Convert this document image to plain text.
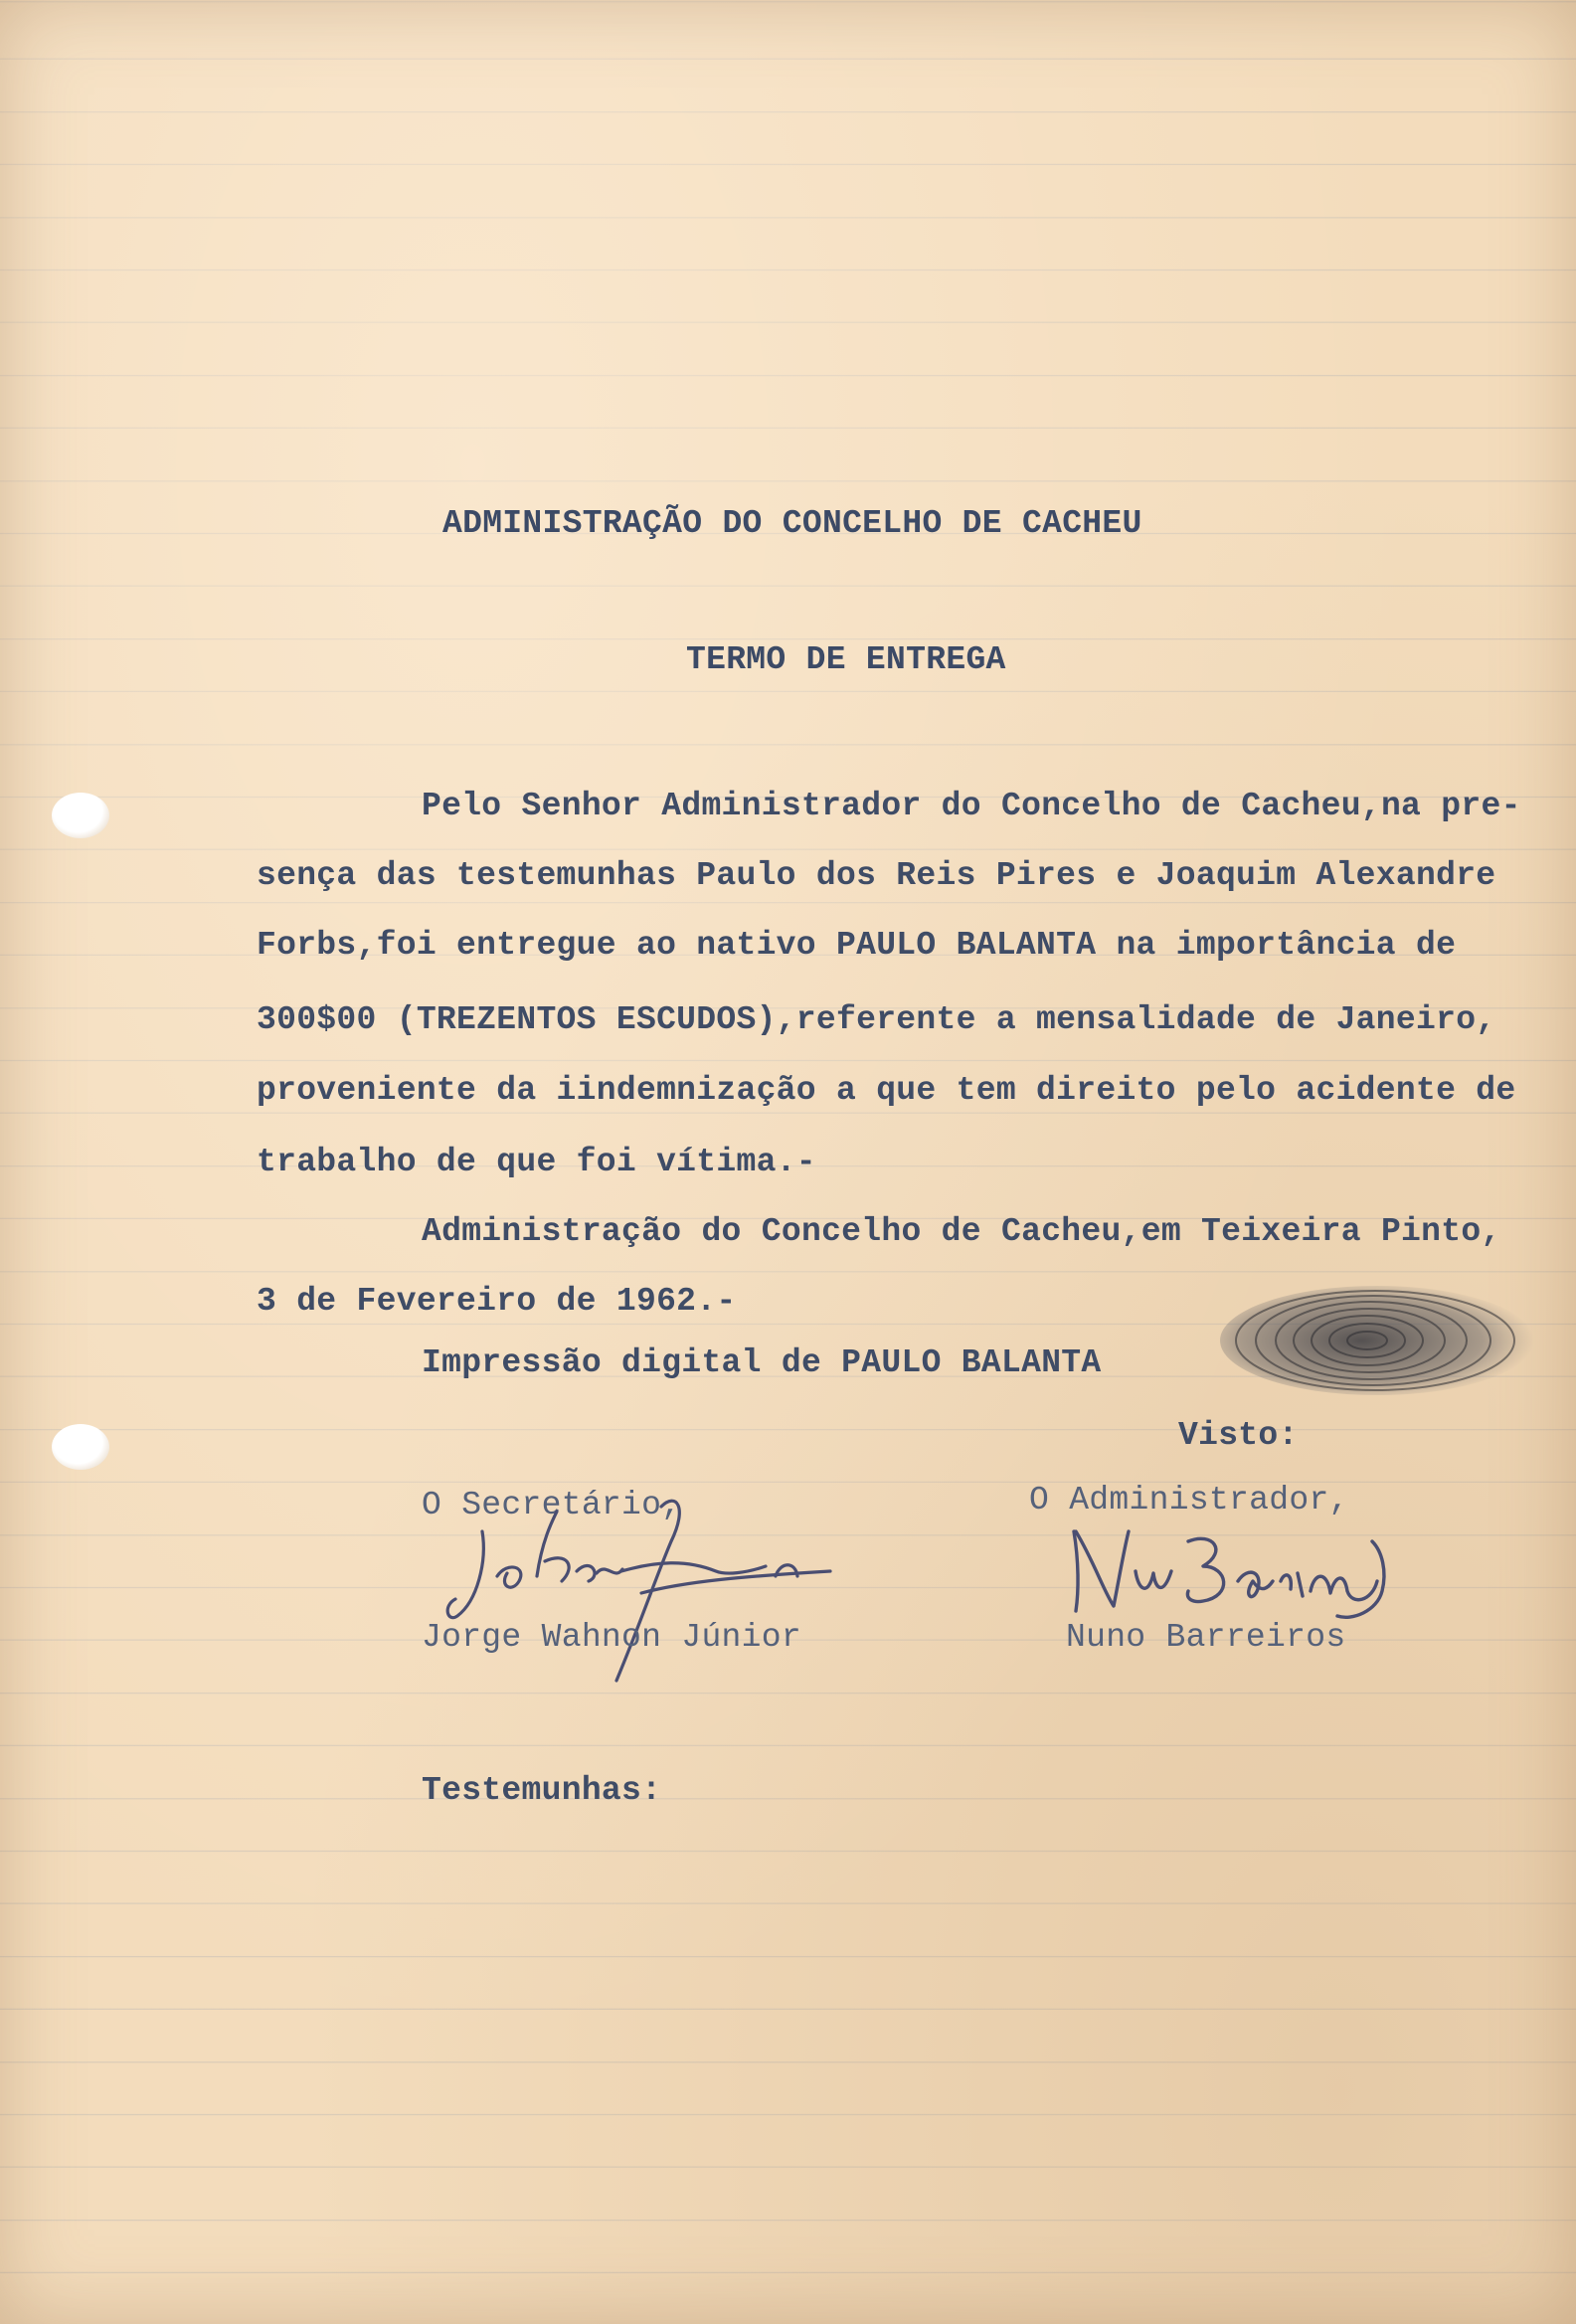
ADMINISTRAÇÃO DO CONCELHO DE CACHEU

TERMO DE ENTREGA

Pelo Senhor Administrador do Concelho de Cacheu,na pre-

sença das testemunhas Paulo dos Reis Pires e Joaquim Alexandre

Forbs,foi entregue ao nativo PAULO BALANTA na importância de

300$00 (TREZENTOS ESCUDOS),referente a mensalidade de Janeiro,

proveniente da iindemnização a que tem direito pelo acidente de

trabalho de que foi vítima.-

Administração do Concelho de Cacheu,em Teixeira Pinto,

3 de Fevereiro de 1962.-

Impressão digital de PAULO BALANTA

Visto:

O Secretário,

Jorge Wahnon Júnior

O Administrador,

Nuno Barreiros

Testemunhas:
